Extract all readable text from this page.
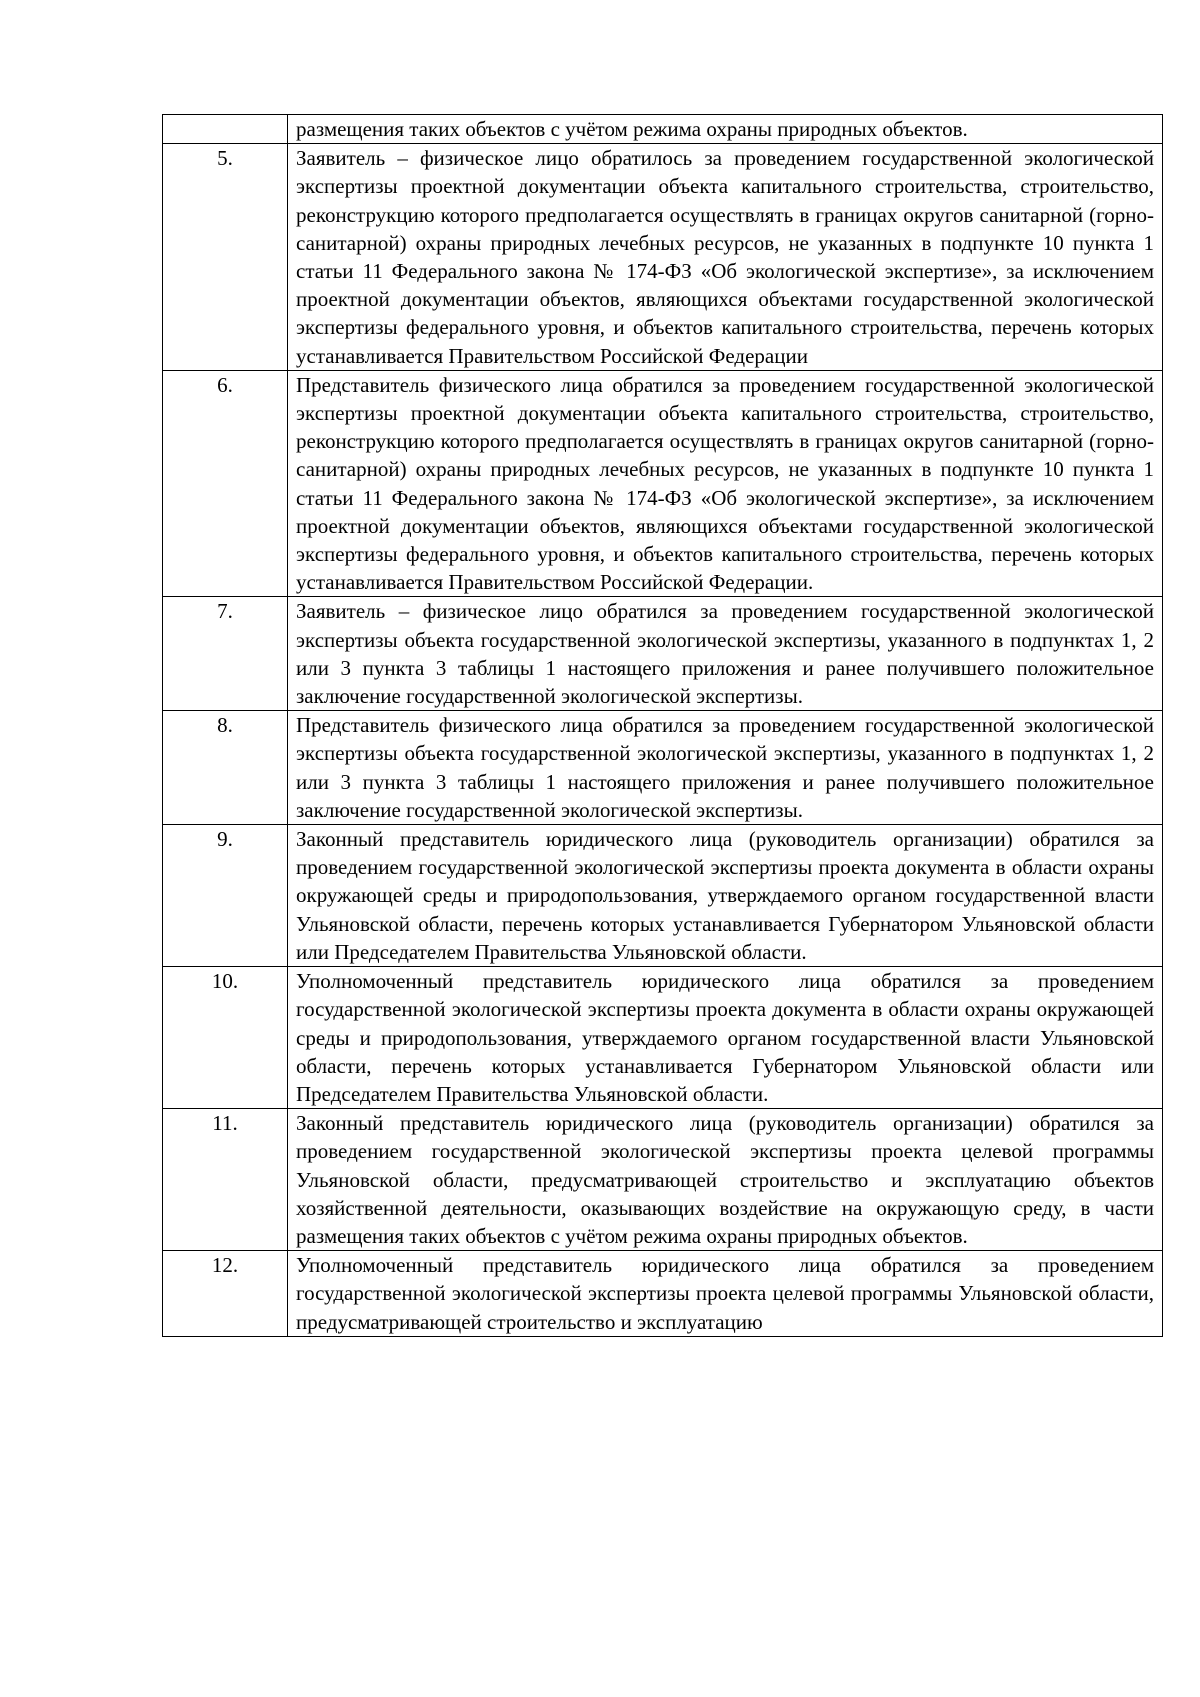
	размещения таких объектов с учётом режима охраны природных объектов.

5.	Заявитель – физическое лицо обратилось за проведением государственной экологической экспертизы проектной документации объекта капитального строительства, строительство, реконструкцию которого предполагается осуществлять в границах округов санитарной (горно-санитарной) охраны природных лечебных ресурсов, не указанных в подпункте 10 пункта 1 статьи 11 Федерального закона № 174-ФЗ «Об экологической экспертизе», за исключением проектной документации объектов, являющихся объектами государственной экологической экспертизы федерального уровня, и объектов капитального строительства, перечень которых устанавливается Правительством Российской Федерации

6.	Представитель физического лица обратился за проведением государственной экологической экспертизы проектной документации объекта капитального строительства, строительство, реконструкцию которого предполагается осуществлять в границах округов санитарной (горно-санитарной) охраны природных лечебных ресурсов, не указанных в подпункте 10 пункта 1 статьи 11 Федерального закона № 174-ФЗ «Об экологической экспертизе», за исключением проектной документации объектов, являющихся объектами государственной экологической экспертизы федерального уровня, и объектов капитального строительства, перечень которых устанавливается Правительством Российской Федерации.

7.	Заявитель – физическое лицо обратился за проведением государственной экологической экспертизы объекта государственной экологической экспертизы, указанного в подпунктах 1, 2 или 3 пункта 3 таблицы 1 настоящего приложения и ранее получившего положительное заключение государственной экологической экспертизы.

8.	Представитель физического лица обратился за проведением государственной экологической экспертизы объекта государственной экологической экспертизы, указанного в подпунктах 1, 2 или 3 пункта 3 таблицы 1 настоящего приложения и ранее получившего положительное заключение государственной экологической экспертизы.

9.	Законный представитель юридического лица (руководитель организации) обратился за проведением государственной экологической экспертизы проекта документа в области охраны окружающей среды и природопользования, утверждаемого органом государственной власти Ульяновской области, перечень которых устанавливается Губернатором Ульяновской области или Председателем Правительства Ульяновской области.

10.	Уполномоченный представитель юридического лица обратился за проведением государственной экологической экспертизы проекта документа в области охраны окружающей среды и природопользования, утверждаемого органом государственной власти Ульяновской области, перечень которых устанавливается Губернатором Ульяновской области или Председателем Правительства Ульяновской области.

11.	Законный представитель юридического лица (руководитель организации) обратился за проведением государственной экологической экспертизы проекта целевой программы Ульяновской области, предусматривающей строительство и эксплуатацию объектов хозяйственной деятельности, оказывающих воздействие на окружающую среду, в части размещения таких объектов с учётом режима охраны природных объектов.

12.	Уполномоченный представитель юридического лица обратился за проведением государственной экологической экспертизы проекта целевой программы Ульяновской области, предусматривающей строительство и эксплуатацию
